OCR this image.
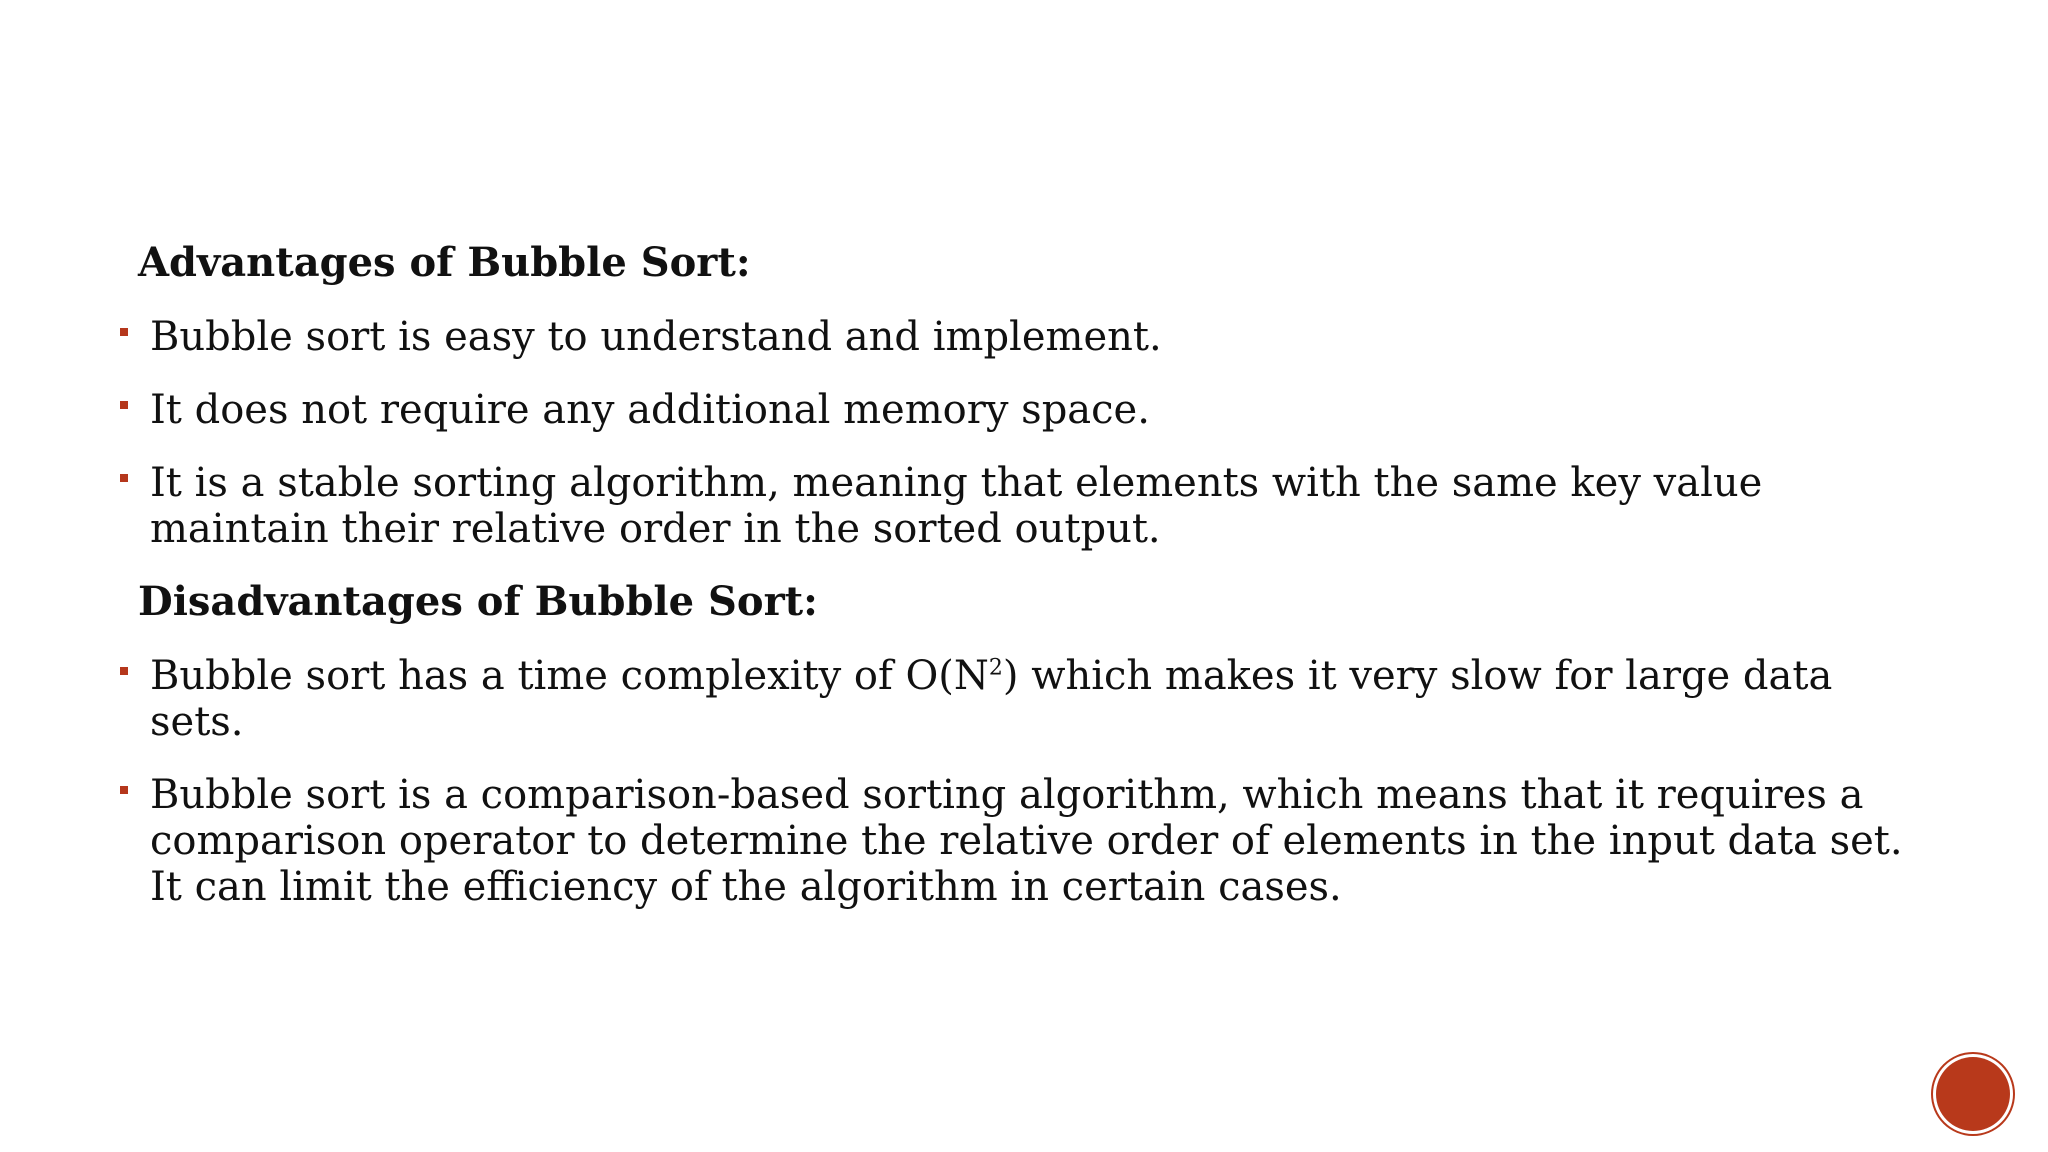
Advantages of Bubble Sort:
Bubble sort is easy to understand and implement.
It does not require any additional memory space.
It is a stable sorting algorithm, meaning that elements with the same key value maintain their relative order in the sorted output.
Disadvantages of Bubble Sort:
Bubble sort has a time complexity of $O(N^2)$ which makes it very slow for large data sets.
Bubble sort is a comparison-based sorting algorithm, which means that it requires a comparison operator to determine the relative order of elements in the input data set. It can limit the efficiency of the algorithm in certain cases.
